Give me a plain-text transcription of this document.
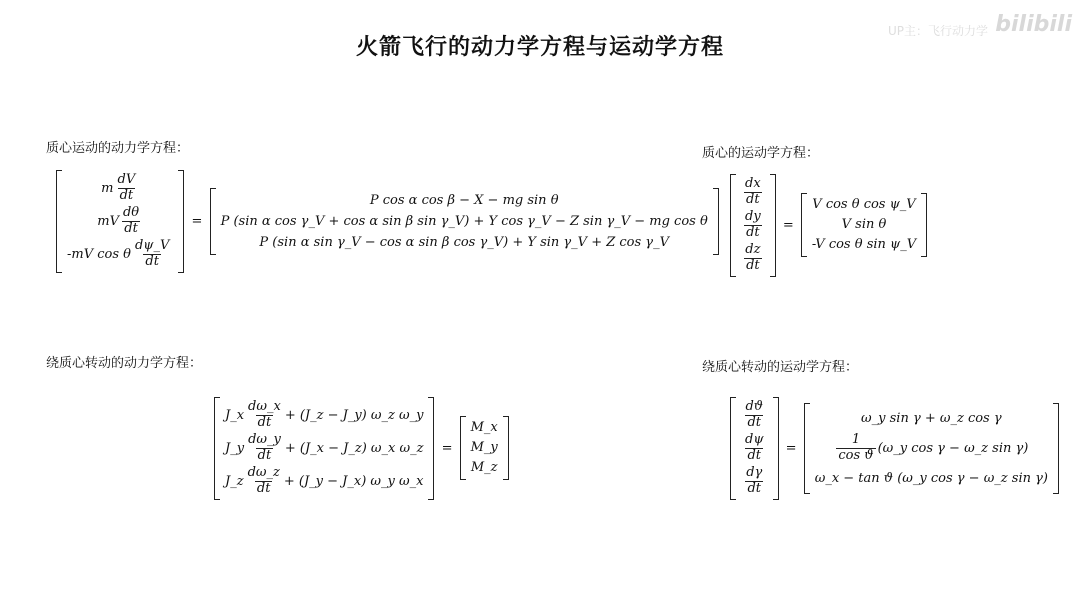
火箭飞行的动力学方程与运动学方程
UP主：飞行动力学 bilibili
质心运动的动力学方程：
m $\frac{dV}{dt}$
mV $\frac{d\theta}{dt}$
-mV cos θ $\frac{d\psi\_V}{dt}$
=
P cos α cos β − X − mg sin θ
P (sin α cos γ_V + cos α sin β sin γ_V) + Y cos γ_V − Z sin γ_V − mg cos θ
P (sin α sin γ_V − cos α sin β cos γ_V) + Y sin γ_V + Z cos γ_V
质心的运动学方程：
$\frac{dx}{dt}$
$\frac{dy}{dt}$
$\frac{dz}{dt}$
=
V cos θ cos ψ_V
V sin θ
-V cos θ sin ψ_V
绕质心转动的动力学方程：
J_x $\frac{d\omega\_x}{dt}$ + (J_z − J_y) ω_z ω_y
J_y $\frac{d\omega\_y}{dt}$ + (J_x − J_z) ω_x ω_z
J_z $\frac{d\omega\_z}{dt}$ + (J_y − J_x) ω_y ω_x
=
M_x
M_y
M_z
绕质心转动的运动学方程：
$\frac{dϑ}{dt}$
$\frac{d\psi}{dt}$
$\frac{d\gamma}{dt}$
=
ω_y sin γ + ω_z cos γ
$\frac{1}{\text{cos ϑ}}$ (ω_y cos γ − ω_z sin γ)
ω_x − tan ϑ (ω_y cos γ − ω_z sin γ)
